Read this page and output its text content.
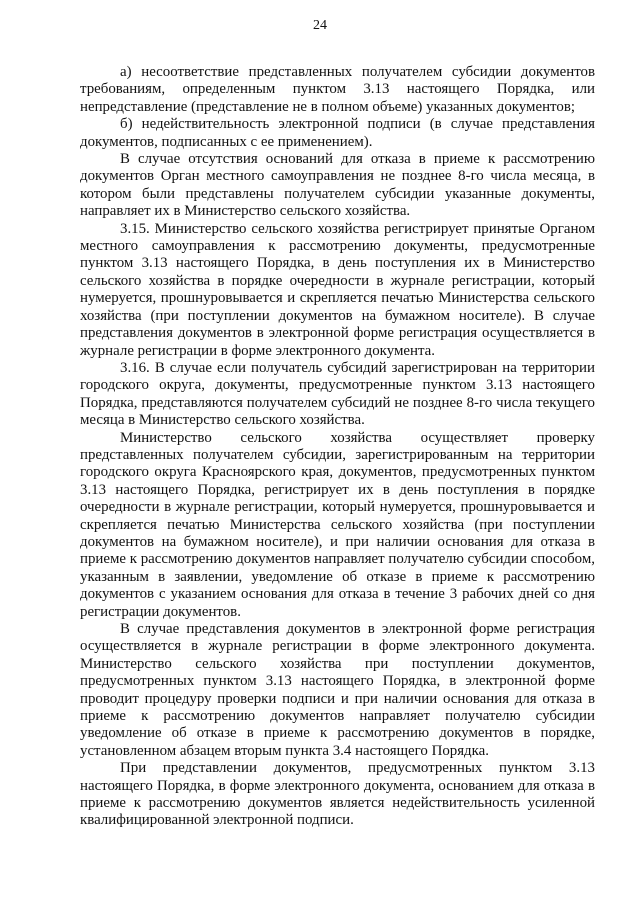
24

а) несоответствие представленных получателем субсидии документов требованиям, определенным пунктом 3.13 настоящего Порядка, или непредставление (представление не в полном объеме) указанных документов;

б) недействительность электронной подписи (в случае представления документов, подписанных с ее применением).

В случае отсутствия оснований для отказа в приеме к рассмотрению документов Орган местного самоуправления не позднее 8-го числа месяца, в котором были представлены получателем субсидии указанные документы, направляет их в Министерство сельского хозяйства.

3.15. Министерство сельского хозяйства регистрирует принятые Органом местного самоуправления к рассмотрению документы, предусмотренные пунктом 3.13 настоящего Порядка, в день поступления их в Министерство сельского хозяйства в порядке очередности в журнале регистрации, который нумеруется, прошнуровывается и скрепляется печатью Министерства сельского хозяйства (при поступлении документов на бумажном носителе). В случае представления документов в электронной форме регистрация осуществляется в журнале регистрации в форме электронного документа.

3.16. В случае если получатель субсидий зарегистрирован на территории городского округа, документы, предусмотренные пунктом 3.13 настоящего Порядка, представляются получателем субсидий не позднее 8-го числа текущего месяца в Министерство сельского хозяйства.

Министерство сельского хозяйства осуществляет проверку представленных получателем субсидии, зарегистрированным на территории городского округа Красноярского края, документов, предусмотренных пунктом 3.13 настоящего Порядка, регистрирует их в день поступления в порядке очередности в журнале регистрации, который нумеруется, прошнуровывается и скрепляется печатью Министерства сельского хозяйства (при поступлении документов на бумажном носителе), и при наличии основания для отказа в приеме к рассмотрению документов направляет получателю субсидии способом, указанным в заявлении, уведомление об отказе в приеме к рассмотрению документов с указанием основания для отказа в течение 3 рабочих дней со дня регистрации документов.

В случае представления документов в электронной форме регистрация осуществляется в журнале регистрации в форме электронного документа. Министерство сельского хозяйства при поступлении документов, предусмотренных пунктом 3.13 настоящего Порядка, в электронной форме проводит процедуру проверки подписи и при наличии основания для отказа в приеме к рассмотрению документов направляет получателю субсидии уведомление об отказе в приеме к рассмотрению документов в порядке, установленном абзацем вторым пункта 3.4 настоящего Порядка.

При представлении документов, предусмотренных пунктом 3.13 настоящего Порядка, в форме электронного документа, основанием для отказа в приеме к рассмотрению документов является недействительность усиленной квалифицированной электронной подписи.
